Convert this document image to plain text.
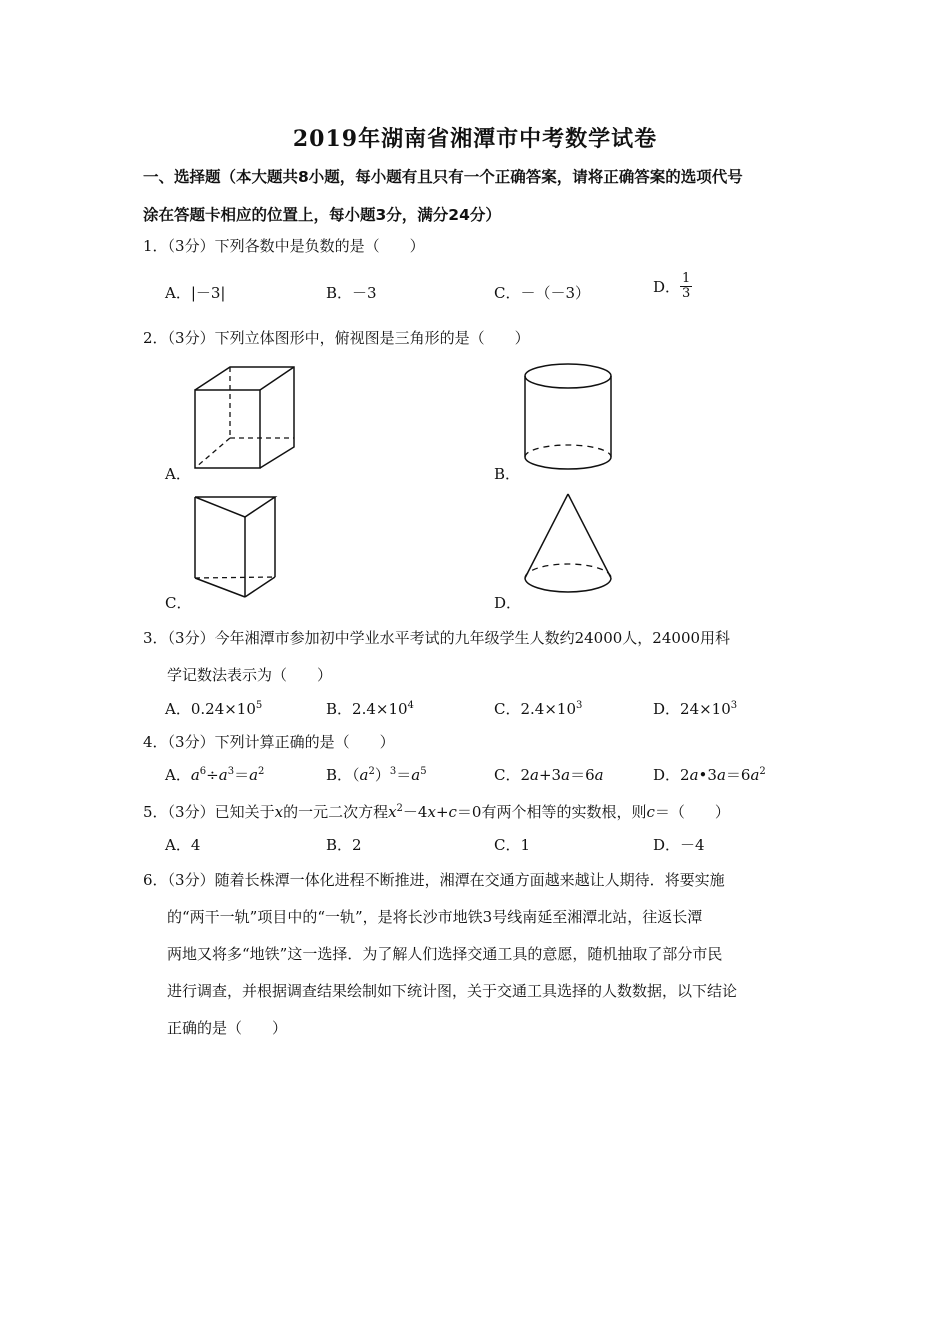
2019年湖南省湘潭市中考数学试卷
一、选择题（本大题共8小题，每小题有且只有一个正确答案，请将正确答案的选项代号
涂在答题卡相应的位置上，每小题3分，满分24分）
1．（3分）下列各数中是负数的是（　　）
A．|－3|	B．－3	C．－（－3）	D． $\frac{1}{3}$
2．（3分）下列立体图形中，俯视图是三角形的是（　　）
A．	B．
C．	D．
3．（3分）今年湘潭市参加初中学业水平考试的九年级学生人数约24000人，24000用科
学记数法表示为（　　）
A．$0.24\times 10^5$	B．$2.4\times 10^4$	C．$2.4\times 10^3$	D．$24\times 10^3$
4．（3分）下列计算正确的是（　　）
A．$a^6\div a^3=a^2$	B．$(a^2)^3=a^5$	C．2a+3a＝6a	D．$2a•3a=6a^2$
5．（3分）已知关于x的一元二次方程$x^2-4x+c=0$有两个相等的实数根，则c＝（　　）
A．4	B．2	C．1	D．－4
6．（3分）随着长株潭一体化进程不断推进，湘潭在交通方面越来越让人期待．将要实施
的“两干一轨”项目中的“一轨”，是将长沙市地铁3号线南延至湘潭北站，往返长潭
两地又将多“地铁”这一选择．为了解人们选择交通工具的意愿，随机抽取了部分市民
进行调查，并根据调查结果绘制如下统计图，关于交通工具选择的人数数据，以下结论
正确的是（　　）
